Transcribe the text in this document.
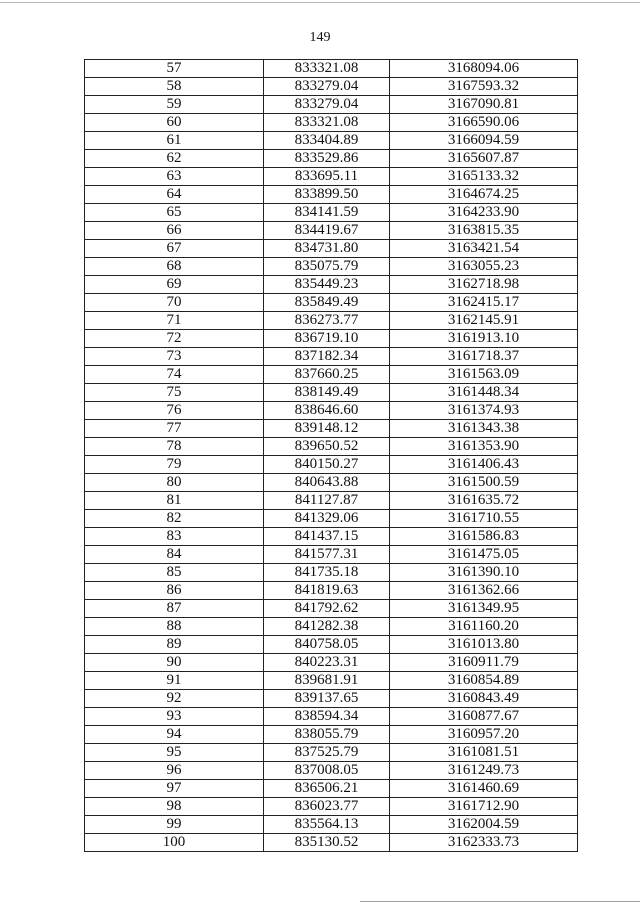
149
57	833321.08	3168094.06
58	833279.04	3167593.32
59	833279.04	3167090.81
60	833321.08	3166590.06
61	833404.89	3166094.59
62	833529.86	3165607.87
63	833695.11	3165133.32
64	833899.50	3164674.25
65	834141.59	3164233.90
66	834419.67	3163815.35
67	834731.80	3163421.54
68	835075.79	3163055.23
69	835449.23	3162718.98
70	835849.49	3162415.17
71	836273.77	3162145.91
72	836719.10	3161913.10
73	837182.34	3161718.37
74	837660.25	3161563.09
75	838149.49	3161448.34
76	838646.60	3161374.93
77	839148.12	3161343.38
78	839650.52	3161353.90
79	840150.27	3161406.43
80	840643.88	3161500.59
81	841127.87	3161635.72
82	841329.06	3161710.55
83	841437.15	3161586.83
84	841577.31	3161475.05
85	841735.18	3161390.10
86	841819.63	3161362.66
87	841792.62	3161349.95
88	841282.38	3161160.20
89	840758.05	3161013.80
90	840223.31	3160911.79
91	839681.91	3160854.89
92	839137.65	3160843.49
93	838594.34	3160877.67
94	838055.79	3160957.20
95	837525.79	3161081.51
96	837008.05	3161249.73
97	836506.21	3161460.69
98	836023.77	3161712.90
99	835564.13	3162004.59
100	835130.52	3162333.73
